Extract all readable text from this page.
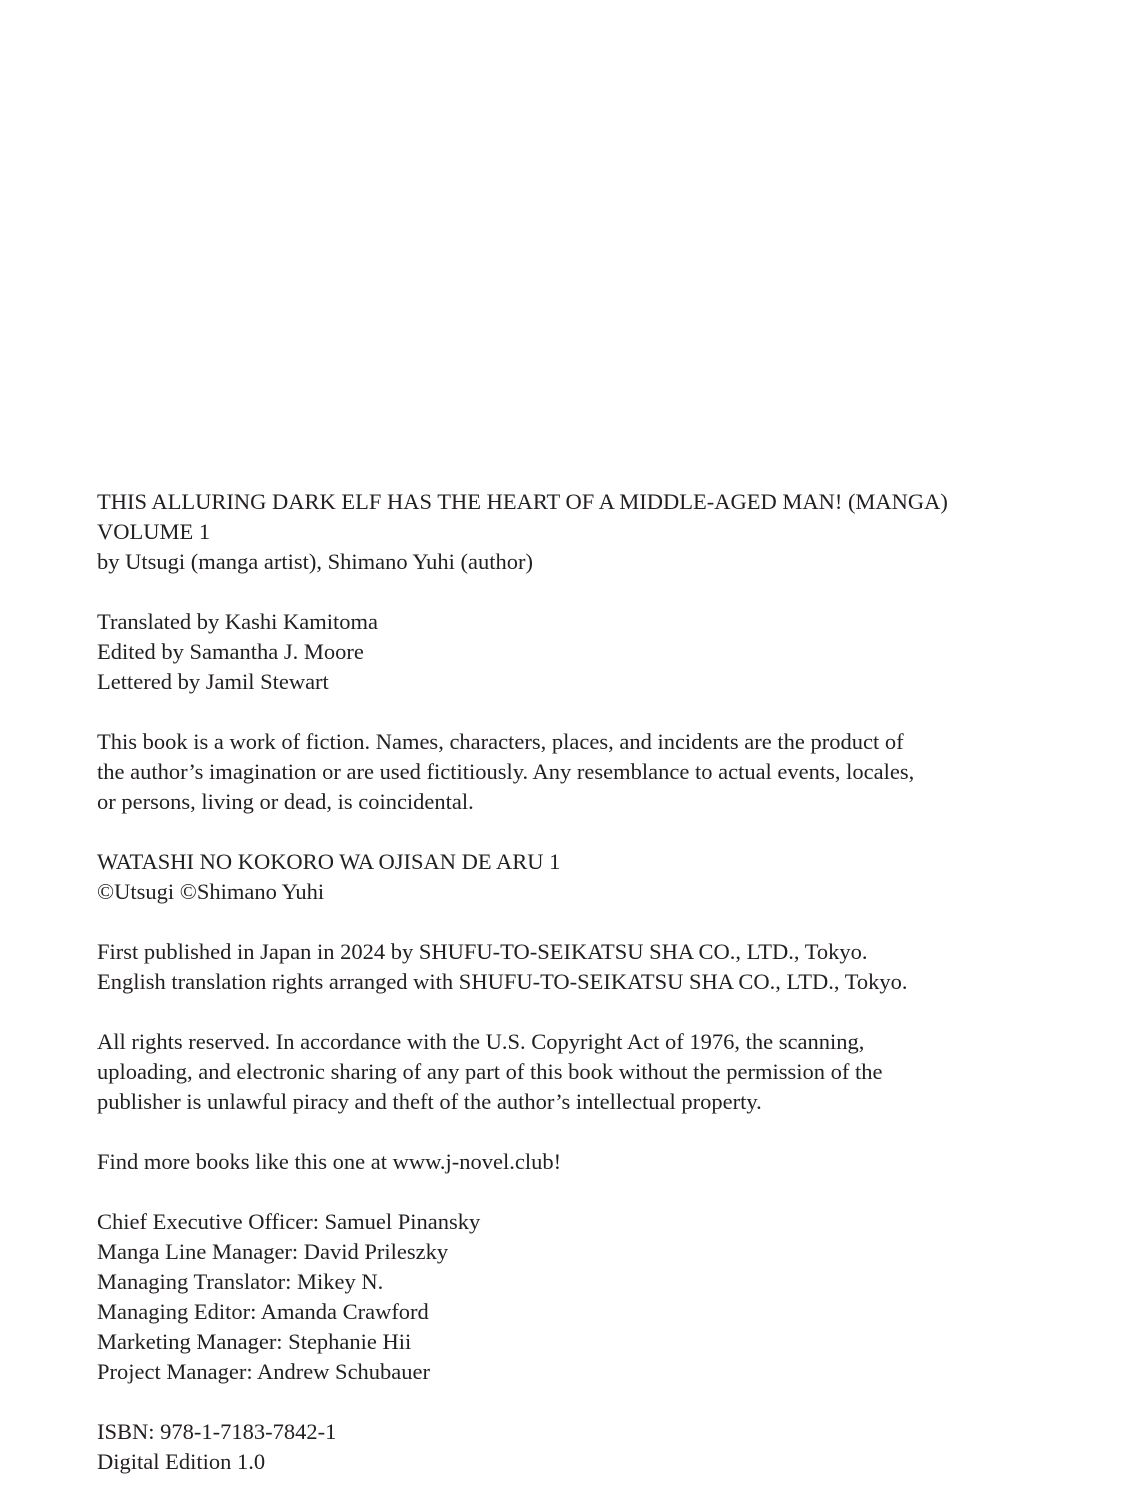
THIS ALLURING DARK ELF HAS THE HEART OF A MIDDLE-AGED MAN! (MANGA)
VOLUME 1
by Utsugi (manga artist), Shimano Yuhi (author)
Translated by Kashi Kamitoma
Edited by Samantha J. Moore
Lettered by Jamil Stewart
This book is a work of fiction. Names, characters, places, and incidents are the product of
the author’s imagination or are used fictitiously. Any resemblance to actual events, locales,
or persons, living or dead, is coincidental.
WATASHI NO KOKORO WA OJISAN DE ARU 1
©Utsugi ©Shimano Yuhi
First published in Japan in 2024 by SHUFU-TO-SEIKATSU SHA CO., LTD., Tokyo.
English translation rights arranged with SHUFU-TO-SEIKATSU SHA CO., LTD., Tokyo.
All rights reserved. In accordance with the U.S. Copyright Act of 1976, the scanning,
uploading, and electronic sharing of any part of this book without the permission of the
publisher is unlawful piracy and theft of the author’s intellectual property.
Find more books like this one at www.j-novel.club!
Chief Executive Officer: Samuel Pinansky
Manga Line Manager: David Prileszky
Managing Translator: Mikey N.
Managing Editor: Amanda Crawford
Marketing Manager: Stephanie Hii
Project Manager: Andrew Schubauer
ISBN: 978-1-7183-7842-1
Digital Edition 1.0
